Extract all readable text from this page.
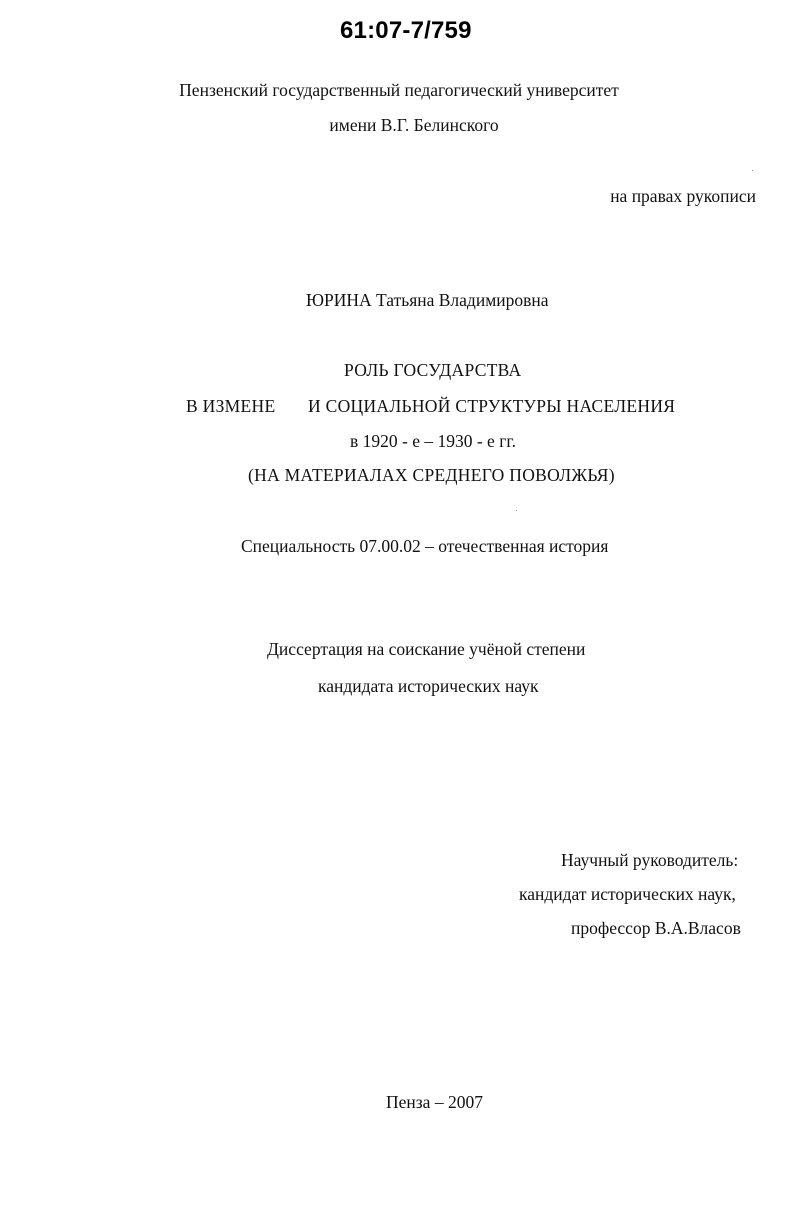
61:07-7/759
Пензенский государственный педагогический университет
имени В.Г. Белинского
на правах рукописи
ЮРИНА Татьяна Владимировна
РОЛЬ ГОСУДАРСТВА
В ИЗМЕНЕ И СОЦИАЛЬНОЙ СТРУКТУРЫ НАСЕЛЕНИЯ
в 1920 - е – 1930 - е гг.
(НА МАТЕРИАЛАХ СРЕДНЕГО ПОВОЛЖЬЯ)
Специальность 07.00.02 – отечественная история
Диссертация на соискание учёной степени
кандидата исторических наук
Научный руководитель:
кандидат исторических наук,
профессор В.А.Власов
Пенза – 2007
